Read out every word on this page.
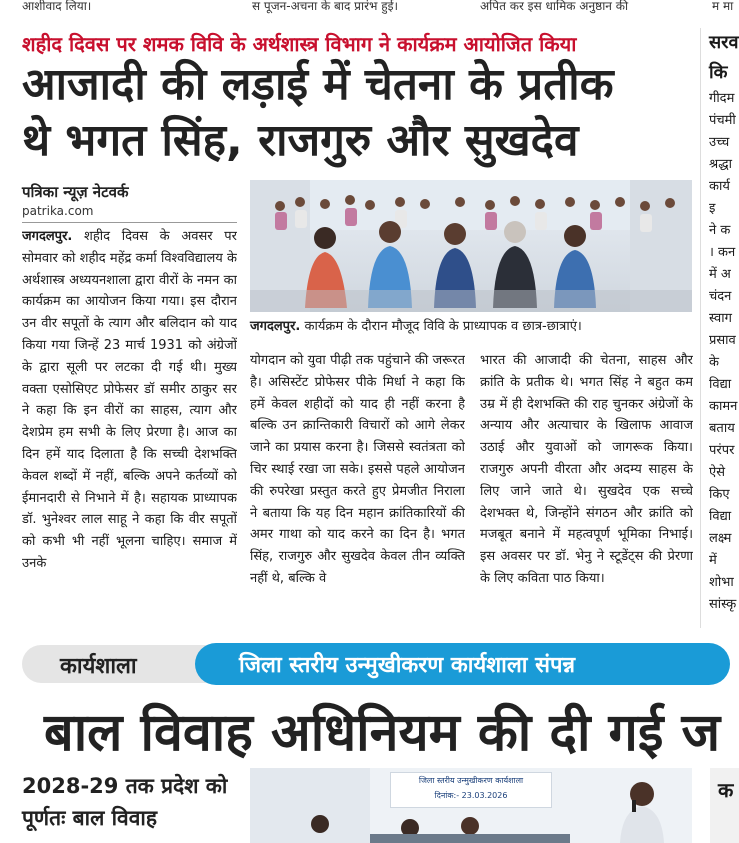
आशीवाद लिया।	स पूजन-अचना के बाद प्रारंभ हुई।	अपित कर इस धामिक अनुष्ठान की	म मा
शहीद दिवस पर शमक विवि के अर्थशास्त्र विभाग ने कार्यक्रम आयोजित किया
आजादी की लड़ाई में चेतना के प्रतीक
थे भगत सिंह, राजगुरु और सुखदेव
पत्रिका न्यूज़ नेटवर्क
patrika.com
जगदलपुर. शहीद दिवस के अवसर पर सोमवार को शहीद महेंद्र कर्मा विश्वविद्यालय के अर्थशास्त्र अध्ययनशाला द्वारा वीरों के नमन का कार्यक्रम का आयोजन किया गया। इस दौरान उन वीर सपूतों के त्याग और बलिदान को याद किया गया जिन्हें 23 मार्च 1931 को अंग्रेजों के द्वारा सूली पर लटका दी गई थी। मुख्य वक्ता एसोसिएट प्रोफेसर डॉ समीर ठाकुर सर ने कहा कि इन वीरों का साहस, त्याग और देशप्रेम हम सभी के लिए प्रेरणा है। आज का दिन हमें याद दिलाता है कि सच्ची देशभक्ति केवल शब्दों में नहीं, बल्कि अपने कर्तव्यों को ईमानदारी से निभाने में है। सहायक प्राध्यापक डॉ. भुनेश्वर लाल साहू ने कहा कि वीर सपूतों को कभी भी नहीं भूलना चाहिए। समाज में उनके
जगदलपुर. कार्यक्रम के दौरान मौजूद विवि के प्राध्यापक व छात्र-छात्राएं।
योगदान को युवा पीढ़ी तक पहुंचाने की जरूरत है। असिस्टेंट प्रोफेसर पीके मिर्धा ने कहा कि हमें केवल शहीदों को याद ही नहीं करना है बल्कि उन क्रान्तिकारी विचारों को आगे लेकर जाने का प्रयास करना है। जिससे स्वतंत्रता को चिर स्थाई रखा जा सके। इससे पहले आयोजन की रुपरेखा प्रस्तुत करते हुए प्रेमजीत निराला ने बताया कि यह दिन महान क्रांतिकारियों की अमर गाथा को याद करने का दिन है। भगत सिंह, राजगुरु और सुखदेव केवल तीन व्यक्ति नहीं थे, बल्कि वे
भारत की आजादी की चेतना, साहस और क्रांति के प्रतीक थे। भगत सिंह ने बहुत कम उम्र में ही देशभक्ति की राह चुनकर अंग्रेजों के अन्याय और अत्याचार के खिलाफ आवाज उठाई और युवाओं को जागरूक किया। राजगुरु अपनी वीरता और अदम्य साहस के लिए जाने जाते थे। सुखदेव एक सच्चे देशभक्त थे, जिन्होंने संगठन और क्रांति को मजबूत बनाने में महत्वपूर्ण भूमिका निभाई। इस अवसर पर डॉ. भेनु ने स्टूडेंट्स की प्रेरणा के लिए कविता पाठ किया।
सरव
कि
गीदम
पंचमी
उच्च
श्रद्धा
कार्य
इ
ने क
। कन
में अ
चंदन
स्वाग
प्रसाव
के
विद्या
कामन
बताय
परंपर
ऐसे
किए
विद्या
लक्ष्म
में
शोभा
सांस्कृ
कार्यशाला	जिला स्तरीय उन्मुखीकरण कार्यशाला संपन्न
बाल विवाह अधिनियम की दी गई ज
2028-29 तक प्रदेश को पूर्णतः बाल विवाह
जिला स्तरीय उन्मुखीकरण कार्यशाला
दिनांक:- 23.03.2026	क
